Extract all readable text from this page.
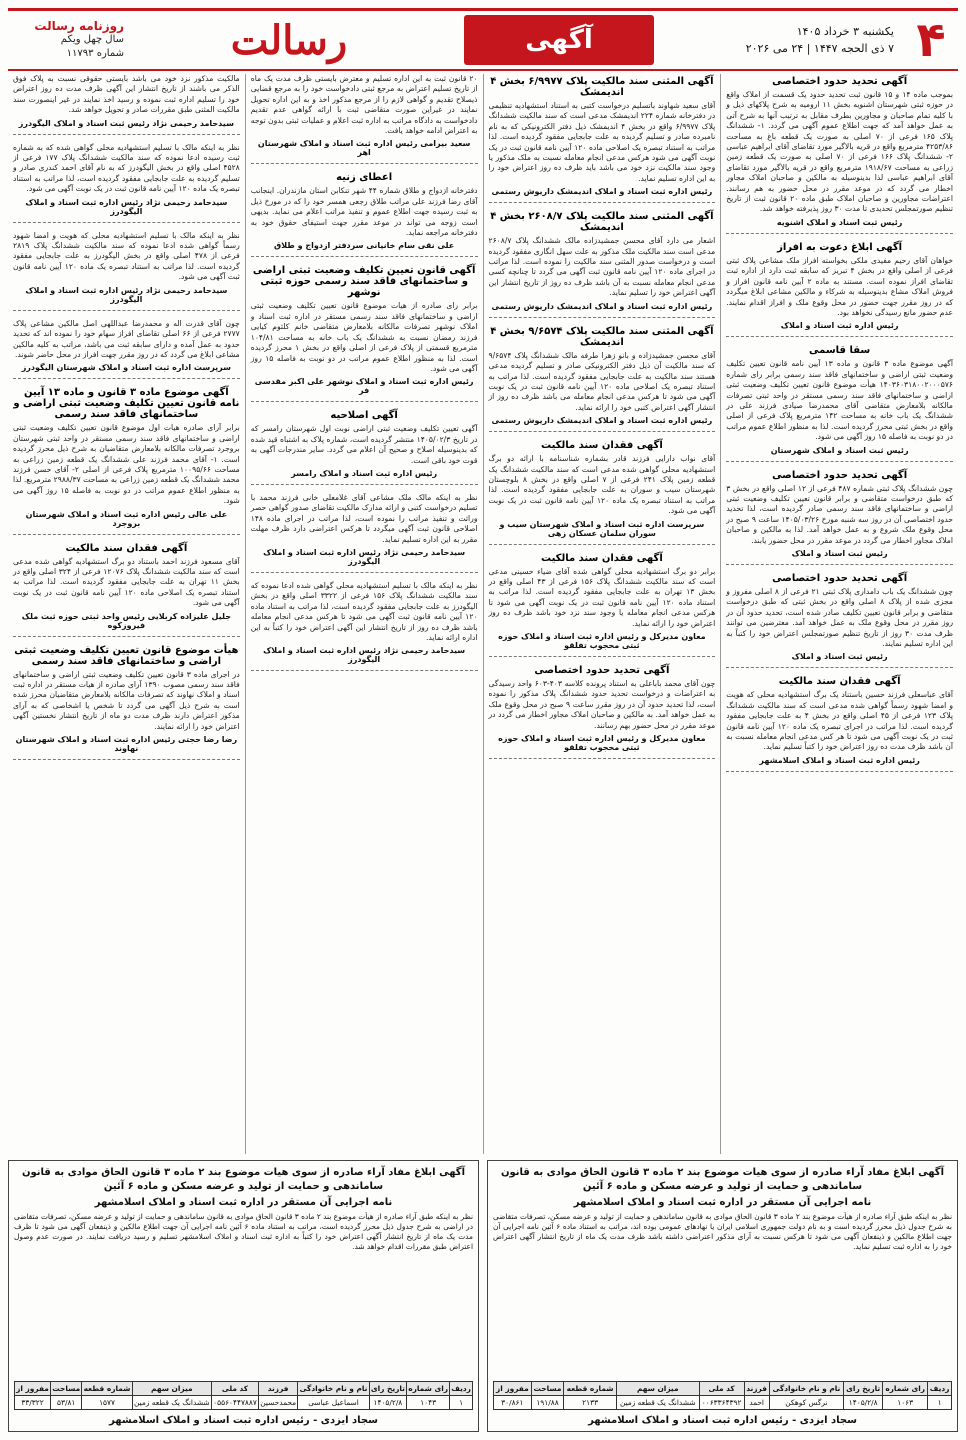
روزنامه رسالت
سال چهل ویکم
شماره ۱۱۷۹۳	رسالت	آگهی	یکشنبه ۳ خرداد ۱۴۰۵
۷ ذی الحجه ۱۴۴۷ | ۲۴ می ۲۰۲۶ ۴
آگهی تحدید حدود اختصاصی

بموجب ماده ۱۴ و ۱۵ قانون ثبت تحدید حدود یک قسمت از املاک واقع در حوزه ثبتی شهرستان اشنویه بخش ۱۱ ارومیه به شرح پلاکهای ذیل و با کلیه تمام صاحبان و مجاورین بطرف مقابل به ترتیب آنها به شرح آتی به عمل خواهد آمد که جهت اطلاع عموم آگهی می گردد. ۱- ششدانگ پلاک ۱۶۵ فرعی از ۷۰ اصلی به صورت یک قطعه باغ به مساحت ۴۲۵۳/۸۶ مترمربع واقع در قریه بالاگیر مورد تقاضای آقای ابراهیم عباسی ۲- ششدانگ پلاک ۱۶۶ فرعی از ۷۰ اصلی به صورت یک قطعه زمین زراعی به مساحت ۱۹۱۸/۶۷ مترمربع واقع در قریه بالاگیر مورد تقاضای آقای ابراهیم عباسی لذا بدینوسیله به مالکین و صاحبان املاک مجاور اخطار می گردد که در موعد مقرر در محل حضور به هم رسانند. اعتراضات مجاورین و صاحبان املاک طبق ماده ۲۰ قانون ثبت از تاریخ تنظیم صورتمجلس تحدیدی تا مدت ۳۰ روز پذیرفته خواهد شد.

رئیس ثبت اسناد و املاک اشنویه
آگهی ابلاغ دعوت به افراز

خواهان آقای رحیم مفیدی ملکی بخواسته افراز ملک مشاعی پلاک ثبتی فرعی از اصلی واقع در بخش ۴ تبریز که سابقه ثبت دارد از اداره ثبت تقاضای افراز نموده است. مستند به ماده ۲ آیین نامه قانون افراز و فروش املاک مشاع بدینوسیله به شرکاء و مالکین مشاعی ابلاغ میگردد که در روز مقرر جهت حضور در محل وقوع ملک و افراز اقدام نمایند. عدم حضور مانع رسیدگی نخواهد بود.

رئیس اداره ثبت اسناد و املاک
سقا قاسمی

آگهی موضوع ماده ۳ قانون و ماده ۱۳ آیین نامه قانون تعیین تکلیف وضعیت ثبتی اراضی و ساختمانهای فاقد سند رسمی برابر رای شماره ۱۴۰۳۶۰۳۱۸۰۰۲۰۰۰۵۷۶ هیأت موضوع قانون تعیین تکلیف وضعیت ثبتی اراضی و ساختمانهای فاقد سند رسمی مستقر در واحد ثبتی تصرفات مالکانه بلامعارض متقاضی آقای محمدرضا صیادی فرزند علی در ششدانگ یک باب خانه به مساحت ۱۴۲ مترمربع پلاک فرعی از اصلی واقع در بخش ثبتی محرز گردیده است. لذا به منظور اطلاع عموم مراتب در دو نوبت به فاصله ۱۵ روز آگهی می شود.

رئیس ثبت اسناد و املاک شهرستان
آگهی تحدید حدود اختصاصی

چون ششدانگ پلاک ثبتی شماره ۴۸۷ فرعی از ۱۲ اصلی واقع در بخش ۳ که طبق درخواست متقاضی و برابر قانون تعیین تکلیف وضعیت ثبتی اراضی و ساختمانهای فاقد سند رسمی صادر گردیده است، لذا تحدید حدود اختصاصی آن در روز سه شنبه مورخ ۱۴۰۵/۰۳/۲۶ ساعت ۹ صبح در محل وقوع ملک شروع و به عمل خواهد آمد. لذا به مالکین و صاحبان املاک مجاور اخطار می گردد در موعد مقرر در محل حضور یابند.

رئیس ثبت اسناد و املاک
آگهی تحدید حدود اختصاصی

چون ششدانگ یک باب دامداری پلاک ثبتی ۲۱ فرعی از ۸ اصلی مفروز و مجزی شده از پلاک ۸ اصلی واقع در بخش ثبتی که طبق درخواست متقاضی و برابر قانون تعیین تکلیف صادر شده است، تحدید حدود آن در روز مقرر در محل وقوع ملک به عمل خواهد آمد. معترضین می توانند ظرف مدت ۳۰ روز از تاریخ تنظیم صورتمجلس اعتراض خود را کتباً به این اداره تسلیم نمایند.

رئیس ثبت اسناد و املاک
آگهی فقدان سند مالکیت

آقای عباسعلی فرزند حسین باستناد یک برگ استشهادیه محلی که هویت و امضا شهود رسماً گواهی شده مدعی است که سند مالکیت ششدانگ پلاک ۱۲۳ فرعی از ۴۵ اصلی واقع در بخش ۴ به علت جابجایی مفقود گردیده است. لذا مراتب در اجرای تبصره یک ماده ۱۲۰ آیین نامه قانون ثبت در یک نوبت آگهی می شود تا هر کس مدعی انجام معامله نسبت به آن باشد ظرف مدت ده روز اعتراض خود را کتباً تسلیم نماید.

رئیس اداره ثبت اسناد و املاک اسلامشهر
آگهی المثنی سند مالکیت پلاک ۶/۹۹۷۷ بخش ۴ اندیمشک

آقای سعید شهاوند باتسلیم درخواست کتبی به استناد استشهادیه تنظیمی در دفترخانه شماره ۲۲۴ اندیمشک مدعی است که سند مالکیت ششدانگ پلاک ۶/۹۹۷۷ واقع در بخش ۴ اندیمشک ذیل دفتر الکترونیکی که به نام نامبرده صادر و تسلیم گردیده به علت جابجایی مفقود گردیده است. لذا مراتب به استناد تبصره یک اصلاحی ماده ۱۲۰ آیین نامه قانون ثبت در یک نوبت آگهی می شود هرکس مدعی انجام معامله نسبت به ملک مذکور یا وجود سند مالکیت نزد خود می باشد باید ظرف ده روز اعتراض خود را به این اداره تسلیم نماید.

رئیس اداره ثبت اسناد و املاک اندیمشک داریوش رستمی
آگهی المثنی سند مالکیت پلاک ۲۶۰۸/۷ بخش ۴ اندیمشک

اشعار می دارد آقای محسن جمشیدزاده مالک ششدانگ پلاک ۲۶۰۸/۷ مدعی است سند مالکیت ملک مذکور به علت سهل انگاری مفقود گردیده است و درخواست صدور المثنی سند مالکیت را نموده است. لذا مراتب در اجرای ماده ۱۲۰ آیین نامه قانون ثبت آگهی می گردد تا چنانچه کسی مدعی انجام معامله نسبت به آن باشد ظرف ده روز از تاریخ انتشار این آگهی اعتراض خود را تسلیم نماید.

رئیس اداره ثبت اسناد و املاک اندیمشک داریوش رستمی
آگهی المثنی سند مالکیت پلاک ۹/۶۵۷۴ بخش ۴ اندیمشک

آقای محسن جمشیدزاده و بانو زهرا طرفه مالک ششدانگ پلاک ۹/۶۵۷۴ که سند مالکیت آن ذیل دفتر الکترونیکی صادر و تسلیم گردیده مدعی هستند سند مالکیت به علت جابجایی مفقود گردیده است. لذا مراتب به استناد تبصره یک اصلاحی ماده ۱۲۰ آیین نامه قانون ثبت در یک نوبت آگهی می شود تا هرکس مدعی انجام معامله می باشد ظرف ده روز از انتشار آگهی اعتراض کتبی خود را ارائه نماید.

رئیس اداره ثبت اسناد و املاک اندیمشک داریوش رستمی
آگهی فقدان سند مالکیت

آقای نواب دارایی فرزند قادر بشماره شناسنامه با ارائه دو برگ استشهادیه محلی گواهی شده مدعی است که سند مالکیت ششدانگ یک قطعه زمین پلاک ۲۴۱ فرعی از ۷ اصلی واقع در بخش ۸ بلوچستان شهرستان سیب و سوران به علت جابجایی مفقود گردیده است. لذا مراتب به استناد تبصره یک ماده ۱۲۰ آیین نامه قانون ثبت در یک نوبت آگهی می شود.

سرپرست اداره ثبت اسناد و املاک شهرستان سیب و سوران سلمان عسکان زهی
آگهی فقدان سند مالکیت

برابر دو برگ استشهادیه محلی گواهی شده آقای ضیاء حسینی مدعی است که سند مالکیت ششدانگ پلاک ۱۵۶ فرعی از ۴۳ اصلی واقع در بخش ۱۳ تهران به علت جابجایی مفقود گردیده است. لذا مراتب به استناد ماده ۱۲۰ آیین نامه قانون ثبت در یک نوبت آگهی می شود تا هرکس مدعی انجام معامله یا وجود سند نزد خود باشد ظرف ده روز اعتراض خود را ارائه نماید.

معاون مدیرکل و رئیس اداره ثبت اسناد و املاک حوزه ثبتی محجوب تفلقو
آگهی تحدید حدود اختصاصی

چون آقای محمد باباعلی به استناد پرونده کلاسه ۴۰۳-۶۰۳ واحد رسیدگی به اعتراضات و درخواست تحدید حدود ششدانگ پلاک مذکور را نموده است، لذا تحدید حدود آن در روز مقرر ساعت ۹ صبح در محل وقوع ملک به عمل خواهد آمد. به مالکین و صاحبان املاک مجاور اخطار می گردد در موعد مقرر در محل حضور بهم رسانند.

معاون مدیرکل و رئیس اداره ثبت اسناد و املاک حوزه ثبتی محجوب تفلقو

۲۰ قانون ثبت به این اداره تسلیم و معترض بایستی ظرف مدت یک ماه از تاریخ تسلیم اعتراض به مرجع ثبتی دادخواست خود را به مرجع قضایی ذیصلاح تقدیم و گواهی لازم را از مرجع مذکور اخذ و به این اداره تحویل نمایند در غیراین صورت متقاضی ثبت با ارائه گواهی عدم تقدیم دادخواست به دادگاه مراتب به اداره ثبت اعلام و عملیات ثبتی بدون توجه به اعتراض ادامه خواهد یافت.

سعید بیرامی رئیس اداره ثبت اسناد و املاک شهرستان اهر
اعطای زنیه

دفترخانه ازدواج و طلاق شماره ۴۴ شهر تنکابن استان مازندران. اینجانب آقای رضا فرزند علی مراتب طلاق رجعی همسر خود را که در مورخ ذیل به ثبت رسیده جهت اطلاع عموم و تنفیذ مراتب اعلام می نماید. بدیهی است زوجه می تواند در موعد مقرر جهت استیفای حقوق خود به دفترخانه مراجعه نماید.

علی نقی سام خانیانی سردفتر ازدواج و طلاق
آگهی قانون تعیین تکلیف وضعیت ثبتی اراضی و ساختمانهای فاقد سند رسمی حوزه ثبتی نوشهر

برابر رای صادره از هیات موضوع قانون تعیین تکلیف وضعیت ثبتی اراضی و ساختمانهای فاقد سند رسمی مستقر در اداره ثبت اسناد و املاک نوشهر تصرفات مالکانه بلامعارض متقاضی خانم کلثوم کیایی فرزند رمضان نسبت به ششدانگ یک باب خانه به مساحت ۱۰۴/۸۱ مترمربع قسمتی از پلاک فرعی از اصلی واقع در بخش ۱ محرز گردیده است. لذا به منظور اطلاع عموم مراتب در دو نوبت به فاصله ۱۵ روز آگهی می شود.

رئیس اداره ثبت اسناد و املاک نوشهر علی اکبر مقدسی فر
آگهی اصلاحیه

آگهی تعیین تکلیف وضعیت ثبتی اراضی نوبت اول شهرستان رامسر که در تاریخ ۱۴۰۵/۰۲/۳ منتشر گردیده است، شماره پلاک به اشتباه قید شده که بدینوسیله اصلاح و صحیح آن اعلام می گردد. سایر مندرجات آگهی به قوت خود باقی است.

رئیس اداره ثبت اسناد و املاک رامسر

نظر به اینکه مالک ملک مشاعی آقای غلامعلی خانی فرزند محمد با تسلیم درخواست کتبی و ارائه مدارک مالکیت تقاضای صدور گواهی حصر وراثت و تنفیذ مراتب را نموده است، لذا مراتب در اجرای ماده ۱۴۸ اصلاحی قانون ثبت آگهی میگردد تا هرکس اعتراضی دارد ظرف مهلت مقرر به این اداره تسلیم نماید.

سیدحامد رحیمی نژاد رئیس اداره ثبت اسناد و املاک الیگودرز

نظر به اینکه مالک با تسلیم استشهادیه محلی گواهی شده ادعا نموده که سند مالکیت ششدانگ پلاک ۱۵۶ فرعی از ۳۳۲۲ اصلی واقع در بخش الیگودرز به علت جابجایی مفقود گردیده است، لذا مراتب به استناد ماده ۱۲۰ آیین نامه قانون ثبت آگهی می شود تا هرکس مدعی انجام معامله باشد ظرف ده روز از تاریخ انتشار این آگهی اعتراض خود را کتباً به این اداره ارائه نماید.

سیدحامد رحیمی نژاد رئیس اداره ثبت اسناد و املاک الیگودرز

مالکیت مذکور نزد خود می باشد بایستی حقوقی نسبت به پلاک فوق الذکر می باشند از تاریخ انتشار این آگهی ظرف مدت ده روز اعتراض خود را تسلیم اداره ثبت نموده و رسید اخذ نمایند در غیر اینصورت سند مالکیت المثنی طبق مقررات صادر و تحویل خواهد شد.

سیدحامد رحیمی نژاد رئیس ثبت اسناد و املاک الیگودرز

نظر به اینکه مالک با تسلیم استشهادیه محلی گواهی شده که به شماره ثبت رسیده ادعا نموده که سند مالکیت ششدانگ پلاک ۱۷۷ فرعی از ۴۵۲۸ اصلی واقع در بخش الیگودرز که به نام آقای احمد کندری صادر و تسلیم گردیده به علت جابجایی مفقود گردیده است، لذا مراتب به استناد تبصره یک ماده ۱۲۰ آیین نامه قانون ثبت در یک نوبت آگهی می شود.

سیدحامد رحیمی نژاد رئیس اداره ثبت اسناد و املاک الیگودرز

نظر به اینکه مالک با تسلیم استشهادیه محلی که هویت و امضا شهود رسماً گواهی شده ادعا نموده که سند مالکیت ششدانگ پلاک ۲۸۱۹ فرعی از ۴۷۸ اصلی واقع در بخش الیگودرز به علت جابجایی مفقود گردیده است. لذا مراتب به استناد تبصره یک ماده ۱۲۰ آیین نامه قانون ثبت آگهی می شود.

سیدحامد رحیمی نژاد رئیس اداره ثبت اسناد و املاک الیگودرز

چون آقای قدرت اله و محمدرضا عبداللهی اصل مالکین مشاعی پلاک ۲۷۷۷ فرعی از ۶۶ اصلی تقاضای افراز سهام خود را نموده اند که تحدید حدود به عمل آمده و دارای سابقه ثبت می باشد، مراتب به کلیه مالکین مشاعی ابلاغ می گردد که در روز مقرر جهت افراز در محل حاضر شوند.

سرپرست اداره ثبت اسناد و املاک شهرستان الیگودرز
آگهی موضوع ماده ۳ قانون و ماده ۱۳ آیین نامه قانون تعیین تکلیف وضعیت ثبتی اراضی و ساختمانهای فاقد سند رسمی

برابر آرای صادره هیات اول موضوع قانون تعیین تکلیف وضعیت ثبتی اراضی و ساختمانهای فاقد سند رسمی مستقر در واحد ثبتی شهرستان بروجرد تصرفات مالکانه بلامعارض متقاضیان به شرح ذیل محرز گردیده است. ۱- آقای محمد فرزند علی ششدانگ یک قطعه زمین زراعی به مساحت ۱۰۰۹۵/۶۶ مترمربع پلاک فرعی از اصلی ۲- آقای حسن فرزند محمد ششدانگ یک قطعه زمین زراعی به مساحت ۲۹۸۸/۳۷ مترمربع. لذا به منظور اطلاع عموم مراتب در دو نوبت به فاصله ۱۵ روز آگهی می شود.

علی عالی رئیس اداره ثبت اسناد و املاک شهرستان بروجرد
آگهی فقدان سند مالکیت

آقای مسعود فرزند احمد باستناد دو برگ استشهادیه گواهی شده مدعی است که سند مالکیت ششدانگ پلاک ۱۲۰۷۶ فرعی از ۳۲۴ اصلی واقع در بخش ۱۱ تهران به علت جابجایی مفقود گردیده است. لذا مراتب به استناد تبصره یک اصلاحی ماده ۱۲۰ آیین نامه قانون ثبت در یک نوبت آگهی می شود.

جلیل علیزاده کربلایی رئیس واحد ثبتی حوزه ثبت ملک فیروزکوه
هیأت موضوع قانون تعیین تکلیف وضعیت ثبتی اراضی و ساختمانهای فاقد سند رسمی

در اجرای ماده ۳ قانون تعیین تکلیف وضعیت ثبتی اراضی و ساختمانهای فاقد سند رسمی مصوب ۱۳۹۰ آرای صادره از هیات مستقر در اداره ثبت اسناد و املاک نهاوند که تصرفات مالکانه بلامعارض متقاضیان محرز شده است به شرح ذیل آگهی می گردد تا شخص یا اشخاصی که به آرای مذکور اعتراض دارند ظرف مدت دو ماه از تاریخ انتشار نخستین آگهی اعتراض خود را ارائه نمایند.

رضا رضا حجتی رئیس اداره ثبت اسناد و املاک شهرستان نهاوند
آگهی ابلاغ مفاد آراء صادره از سوی هیات موضوع بند ۲ ماده ۳ قانون الحاق موادی به قانون ساماندهی و حمایت از تولید و عرضه مسکن و ماده ۶ آئین
نامه اجرایی آن مستقر در اداره ثبت اسناد و املاک اسلامشهر
نظر به اینکه طبق آراء صادره از هیأت موضوع بند ۲ ماده ۳ قانون الحاق موادی به قانون ساماندهی و حمایت از تولید و عرضه مسکن، تصرفات متقاضی به شرح جدول ذیل محرز گردیده است و به نام دولت جمهوری اسلامی ایران یا نهادهای عمومی بوده اند، مراتب به استناد ماده ۶ آئین نامه اجرایی آن جهت اطلاع مالکین و ذینفعان آگهی می شود تا هرکس نسبت به آرای مذکور اعتراضی داشته باشد ظرف مدت یک ماه از تاریخ انتشار آگهی اعتراض خود را به اداره ثبت تسلیم نماید.
ردیف	رای شماره	تاریخ رای	نام و نام خانوادگی	فرزند	کد ملی	میزان سهم	شماره قطعه	مساحت	مفروز از
۱	۱۰۶۳	۱۴۰۵/۲/۸	نرگس کوهکن	احمد	۰۰۶۳۳۶۴۳۹۲	ششدانگ یک قطعه زمین	۲۱۳۳	۱۹۱/۸۸	۳۰/۸۶۱
سجاد ایزدی - رئیس اداره ثبت اسناد و املاک اسلامشهر
آگهی ابلاغ مفاد آراء صادره از سوی هیات موضوع بند ۲ ماده ۳ قانون الحاق موادی به قانون ساماندهی و حمایت از تولید و عرضه مسکن و ماده ۶ آئین
نامه اجرایی آن مستقر در اداره ثبت اسناد و املاک اسلامشهر
نظر به اینکه طبق آراء صادره از هیأت موضوع بند ۲ ماده ۳ قانون الحاق موادی به قانون ساماندهی و حمایت از تولید و عرضه مسکن، تصرفات متقاضی در اراضی به شرح جدول ذیل محرز گردیده است، مراتب به استناد ماده ۶ آئین نامه اجرایی آن جهت اطلاع مالکین و ذینفعان آگهی می شود تا ظرف مدت یک ماه از تاریخ انتشار آگهی اعتراض خود را کتباً به اداره ثبت اسناد و املاک اسلامشهر تسلیم و رسید دریافت نمایند. در صورت عدم وصول اعتراض طبق مقررات اقدام خواهد شد.
ردیف	رای شماره	تاریخ رای	نام و نام خانوادگی	فرزند	کد ملی	میزان سهم	شماره قطعه	مساحت	مفروز از
۱	۱۰۴۳	۱۴۰۵/۲/۸	اسماعیل عباسی	محمدحسین	۰۵۵۶۰۴۴۷۸۸۷	ششدانگ یک قطعه زمین	۱۵۷۷	۵۳/۸۱	۳۳/۳۲۲
سجاد ایزدی - رئیس اداره ثبت اسناد و املاک اسلامشهر
